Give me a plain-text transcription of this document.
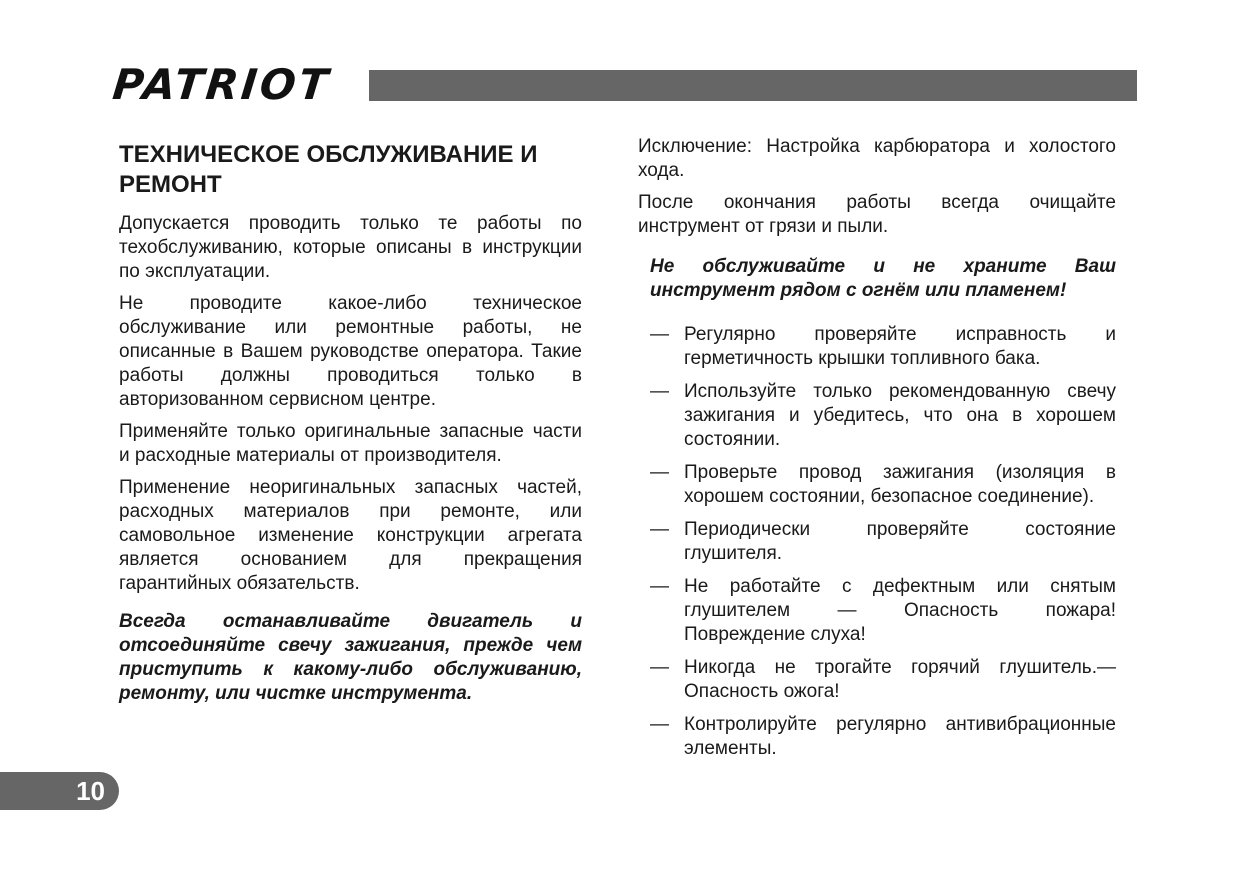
PATRIOT
ТЕХНИЧЕСКОЕ ОБСЛУЖИВАНИЕ И РЕМОНТ

Допускается проводить только те работы по техобслуживанию, которые описаны в инструкции по эксплуатации.

Не проводите какое-либо техническое обслуживание или ремонтные работы, не описанные в Вашем руководстве оператора. Такие работы должны проводиться только в авторизованном сервисном центре.

Применяйте только оригинальные запасные части и расходные материалы от производителя.

Применение неоригинальных запасных частей, расходных материалов при ремонте, или самовольное изменение конструкции агрегата является основанием для прекращения гарантийных обязательств.

Всегда останавливайте двигатель и отсоединяйте свечу зажигания, прежде чем приступить к какому-либо обслуживанию, ремонту, или чистке инструмента.

Исключение: Настройка карбюратора и холостого хода.

После окончания работы всегда очищайте инструмент от грязи и пыли.

Не обслуживайте и не храните Ваш инструмент рядом с огнём или пламенем!

— Регулярно проверяйте исправность и герметичность крышки топливного бака.
— Используйте только рекомендованную свечу зажигания и убедитесь, что она в хорошем состоянии.
— Проверьте провод зажигания (изоляция в хорошем состоянии, безопасное соединение).
— Периодически проверяйте состояние глушителя.
— Не работайте с дефектным или снятым глушителем — Опасность пожара! Повреждение слуха!
— Никогда не трогайте горячий глушитель.— Опасность ожога!
— Контролируйте регулярно антивибрационные элементы.
10
